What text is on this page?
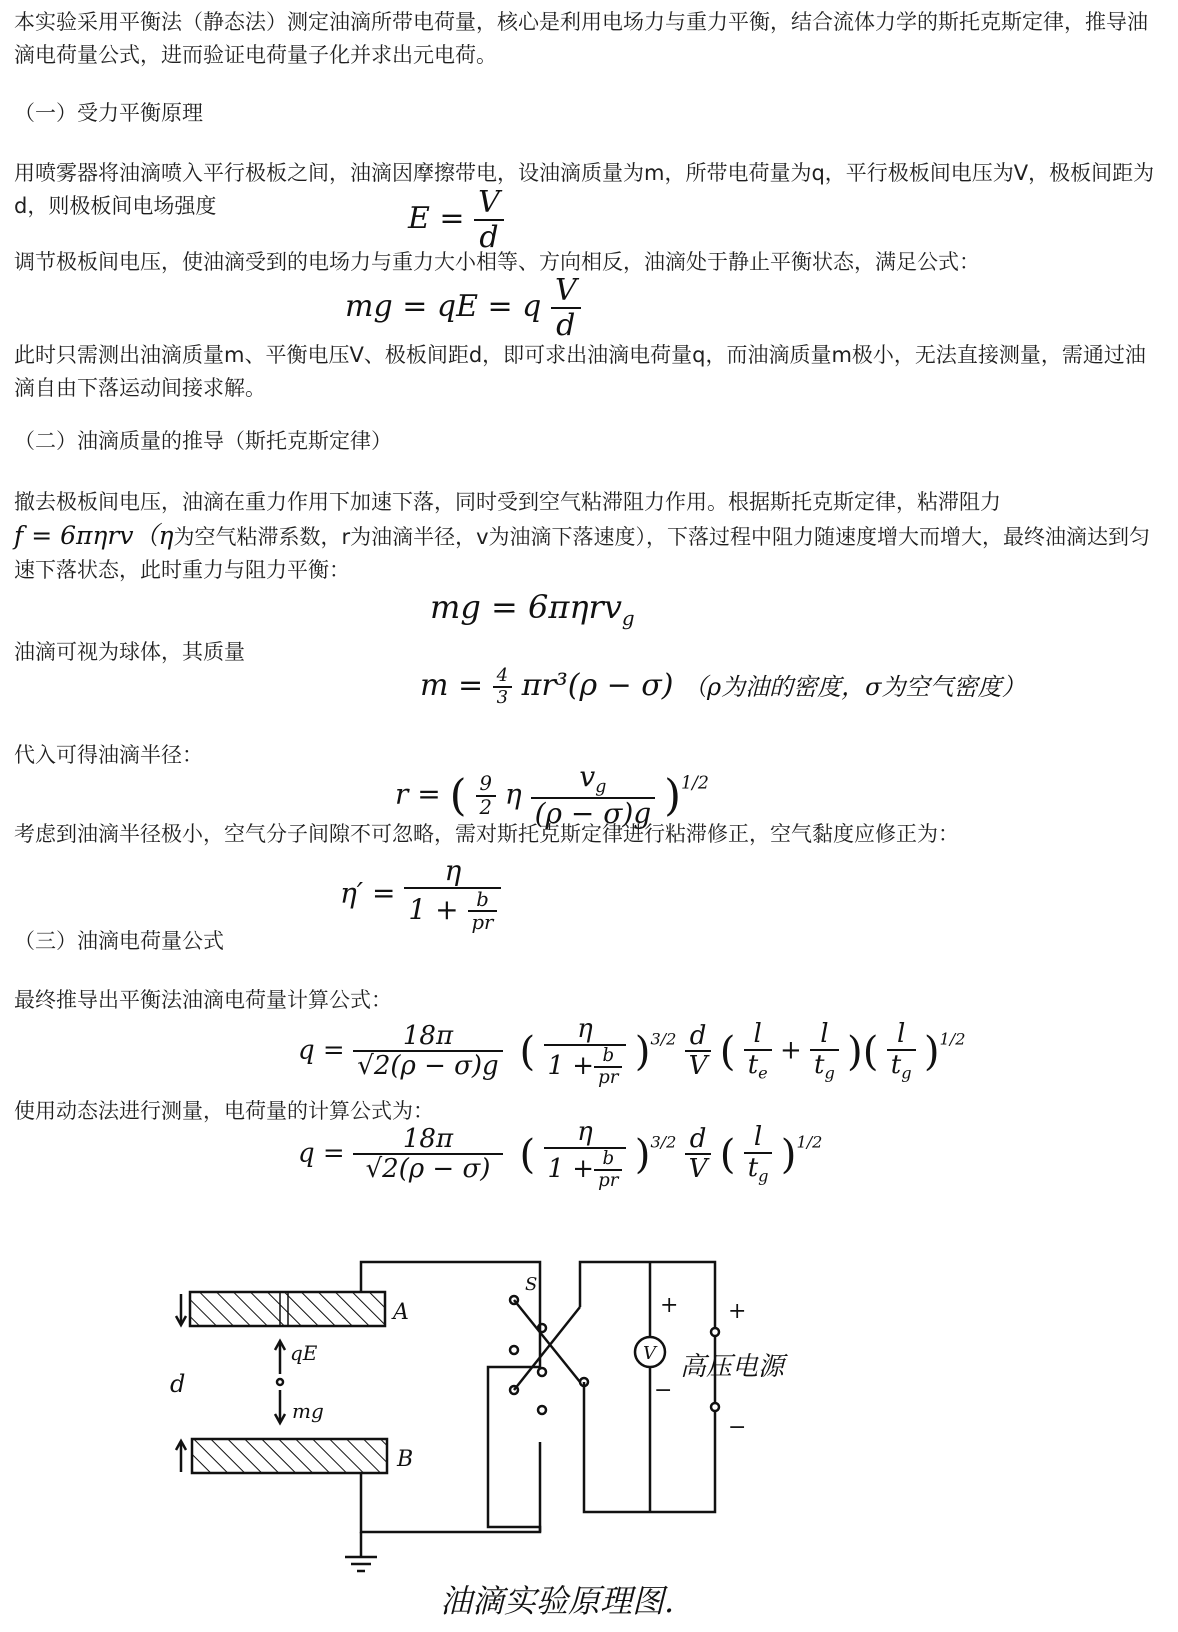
本实验采用平衡法（静态法）测定油滴所带电荷量，核心是利用电场力与重力平衡，结合流体力学的斯托克斯定律，推导油滴电荷量公式，进而验证电荷量子化并求出元电荷。
（一）受力平衡原理
用喷雾器将油滴喷入平行极板之间，油滴因摩擦带电，设油滴质量为m，所带电荷量为q，平行极板间电压为V，极板间距为d，则极板间电场强度	$E = \frac{V}{d}$
调节极板间电压，使油滴受到的电场力与重力大小相等、方向相反，油滴处于静止平衡状态，满足公式：
mg = qE = q $\frac{V}{d}$
此时只需测出油滴质量m、平衡电压V、极板间距d，即可求出油滴电荷量q，而油滴质量m极小，无法直接测量，需通过油滴自由下落运动间接求解。
（二）油滴质量的推导（斯托克斯定律）
撤去极板间电压，油滴在重力作用下加速下落，同时受到空气粘滞阻力作用。根据斯托克斯定律，粘滞阻力
f = 6πηrv（η为空气粘滞系数，r为油滴半径，v为油滴下落速度），下落过程中阻力随速度增大而增大，最终油滴达到匀速下落状态，此时重力与阻力平衡：
mg = 6πηrv$_g$
油滴可视为球体，其质量
$m = \frac{4}{3} \pi r^3(\rho - \sigma)$ （ρ为油的密度，σ为空气密度）
代入可得油滴半径：
r = ( $\frac{9}{2}$ η $\frac{v_g}{(\rho - \sigma)g} )^{1/2}$
考虑到油滴半径极小，空气分子间隙不可忽略，需对斯托克斯定律进行粘滞修正，空气黏度应修正为：
$\eta' = \frac{\eta}{1 + \frac{b}{pr}}$
（三）油滴电荷量公式
最终推导出平衡法油滴电荷量计算公式：
$q = \frac{18\pi}{√2(\rho - \sigma)g}$ ( $\frac{\eta}{1 + \frac{b}{pr}} )^{3/2} \frac{d}{V}$ ( $\frac{l}{t_e} + \frac{l}{t_g}$ )( $\frac{l}{t_g} )^{1/2}$
使用动态法进行测量，电荷量的计算公式为：
$q = \frac{18\pi}{√2(\rho - \sigma)}$ ( $\frac{\eta}{1 + \frac{b}{pr}} )^{3/2} \frac{d}{V}$ ( $\frac{l}{t_g} )^{1/2}$
A
B
d
qE
mg
S
V
+
−
+
−
高压电源
油滴实验原理图.
